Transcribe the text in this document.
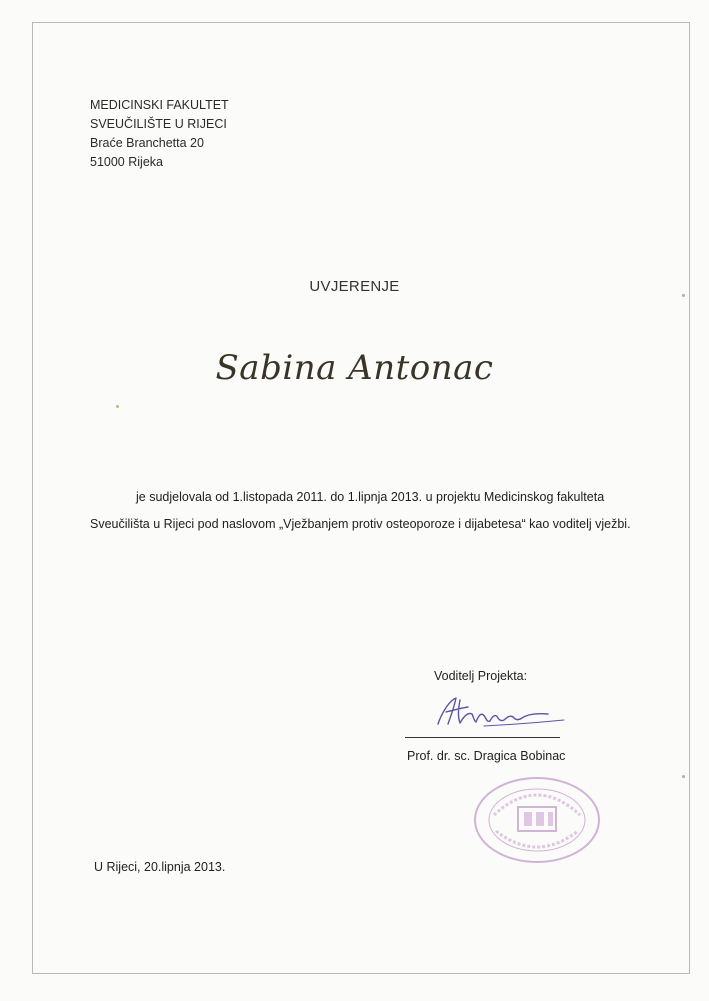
MEDICINSKI FAKULTET
SVEUČILIŠTE U RIJECI
Braće Branchetta 20
51000 Rijeka
UVJERENJE
Sabina Antonac

je sudjelovala od 1.listopada 2011. do 1.lipnja 2013. u projektu Medicinskog fakulteta Sveučilišta u Rijeci pod naslovom „Vježbanjem protiv osteoporoze i dijabetesa“ kao voditelj vježbi.

Voditelj Projekta:
Prof. dr. sc. Dragica Bobinac
U Rijeci, 20.lipnja 2013.
